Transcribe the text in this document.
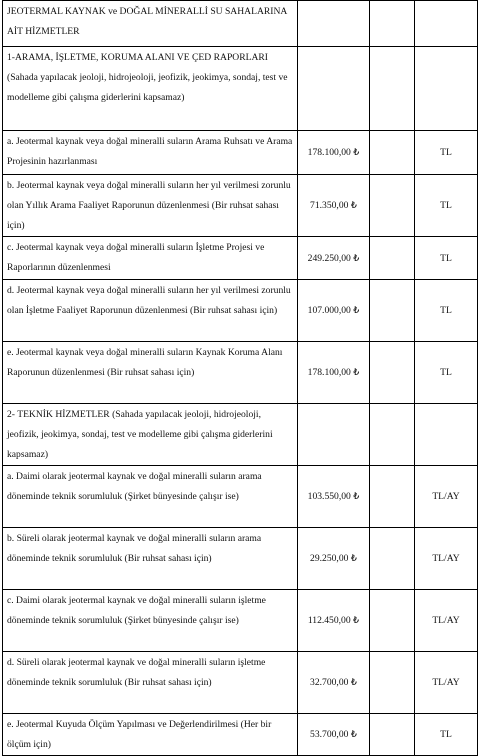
JEOTERMAL KAYNAK ve DOĞAL MİNERALLİ SU SAHALARINA AİT HİZMETLER			
1-ARAMA, İŞLETME, KORUMA ALANI VE ÇED RAPORLARI (Sahada yapılacak jeoloji, hidrojeoloji, jeofizik, jeokimya, sondaj, test ve modelleme gibi çalışma giderlerini kapsamaz)			
a. Jeotermal kaynak veya doğal mineralli suların Arama Ruhsatı ve Arama Projesinin hazırlanması	178.100,00 ₺		TL
b. Jeotermal kaynak veya doğal mineralli suların her yıl verilmesi zorunlu olan Yıllık Arama Faaliyet Raporunun düzenlenmesi (Bir ruhsat sahası için)	71.350,00 ₺		TL
c. Jeotermal kaynak veya doğal mineralli suların İşletme Projesi ve Raporlarının düzenlenmesi	249.250,00 ₺		TL
d. Jeotermal kaynak veya doğal mineralli suların her yıl verilmesi zorunlu olan İşletme Faaliyet Raporunun düzenlenmesi (Bir ruhsat sahası için)	107.000,00 ₺		TL
e. Jeotermal kaynak veya doğal mineralli suların Kaynak Koruma Alanı Raporunun düzenlenmesi (Bir ruhsat sahası için)	178.100,00 ₺		TL
2- TEKNİK HİZMETLER (Sahada yapılacak jeoloji, hidrojeoloji, jeofizik, jeokimya, sondaj, test ve modelleme gibi çalışma giderlerini kapsamaz)			
a. Daimi olarak jeotermal kaynak ve doğal mineralli suların arama döneminde teknik sorumluluk (Şirket bünyesinde çalışır ise)	103.550,00 ₺		TL/AY
b. Süreli olarak jeotermal kaynak ve doğal mineralli suların arama döneminde teknik sorumluluk (Bir ruhsat sahası için)	29.250,00 ₺		TL/AY
c. Daimi olarak jeotermal kaynak ve doğal mineralli suların işletme döneminde teknik sorumluluk (Şirket bünyesinde çalışır ise)	112.450,00 ₺		TL/AY
d. Süreli olarak jeotermal kaynak ve doğal mineralli suların işletme döneminde teknik sorumluluk (Bir ruhsat sahası için)	32.700,00 ₺		TL/AY
e. Jeotermal Kuyuda Ölçüm Yapılması ve Değerlendirilmesi (Her bir ölçüm için)	53.700,00 ₺		TL
